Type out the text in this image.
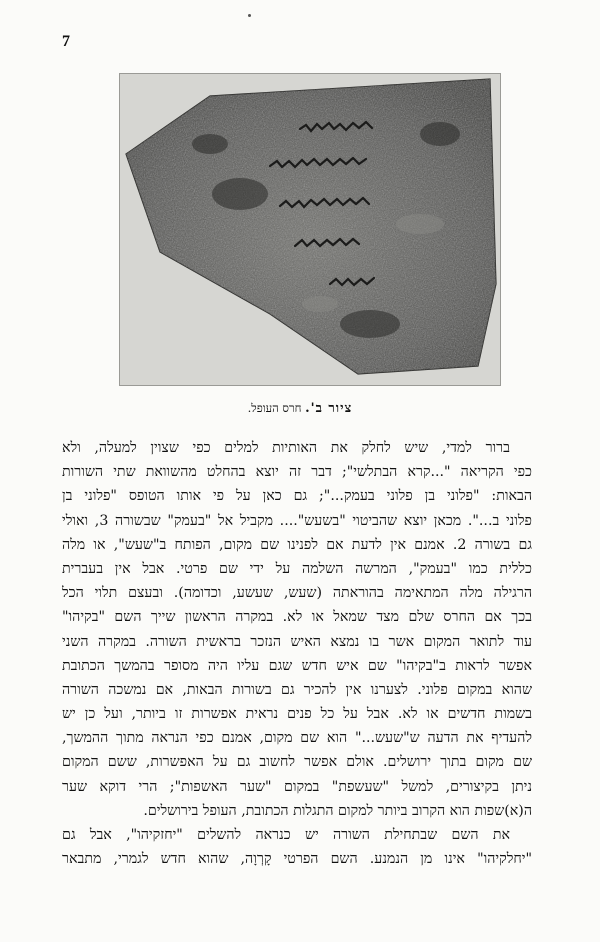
7
ציור ב'. חרס העופל.

ברור למדי, שיש לחלק את האותיות למלים כפי שצוין למעלה, ולא
כפי הקריאה "...קרא הבתלשי"; דבר זה יוצא בהחלט מהשוואת שתי השורות
הבאות: "פלוני בן פלוני בעמק..."; גם כאן על פי אותו הטופס "פלוני בן
פלוני ב...". מכאן יוצא שהביטוי "בשעש".... מקביל אל "בעמק" שבשורה 3, ואולי
גם בשורה 2. אמנם אין לדעת אם לפנינו שם מקום, הפותח ב"שעש", או מלה
כללית כמו "בעמק", המרשה השלמה על ידי שם פרטי. אבל אין בעברית
הרגילה מלה המתאימה בהוראתה (שעש, שעשע, וכדומה). ובעצם תלוי הכל
בכך אם החרס שלם מצד שמאל או לא. במקרה הראשון שייך השם "בקיהו"
עוד לתואר המקום אשר בו נמצא האיש הנזכר בראשית השורה. במקרה השני
אפשר לראות ב"בקיהו" שם איש חדש שגם עליו היה מסופר בהמשך הכתובת
שהוא במקום פלוני. לצערנו אין להכיר גם בשורות הבאות, אם נמשכה השורה
בשמות חדשים או לא. אבל על כל פנים נראית אפשרות זו ביותר, ועל כן יש
להעדיף את הדעה ש"שעש..." הוא שם מקום, אמנם כפי הנראה מתוך ההמשך,
שם מקום בתוך ירושלים. אולם אפשר לחשוב גם על האפשרות, ששם המקום
ניתן בקיצורים, למשל "שעשפת" במקום "שער האשפות"; הרי דוקא שער
ה(א)שפות הוא הקרוב ביותר למקום התגלות הכתובת, העופל בירושלים.

את השם שבתחילת השורה יש כנראה להשלים "יחזקיהו", אבל גם
"יחלקיהו" אינו מן הנמנע. השם הפרטי קָרְוָה, שהוא חדש לגמרי, מתבאר
